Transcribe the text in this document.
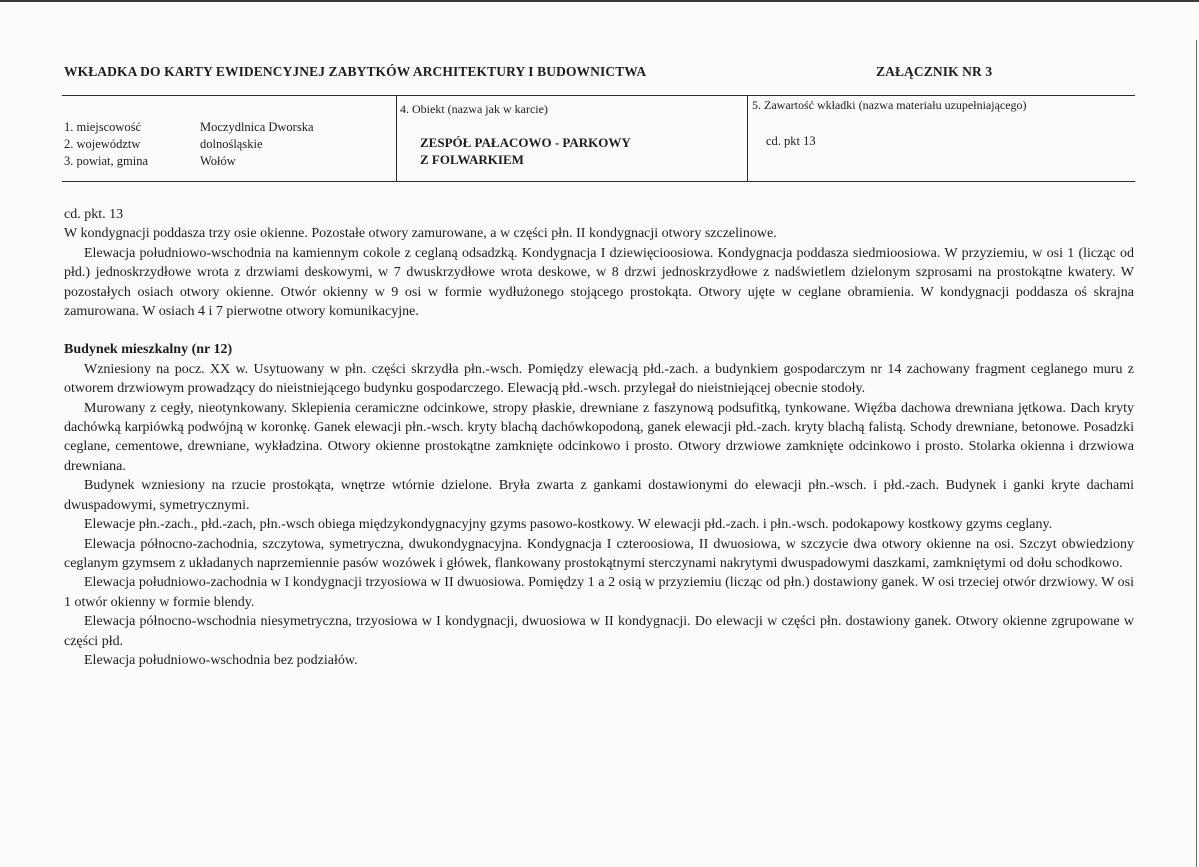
WKŁADKA DO KARTY EWIDENCYJNEJ ZABYTKÓW ARCHITEKTURY I BUDOWNICTWA	ZAŁĄCZNIK NR 3
1. miejscowość
2. województw
3. powiat, gmina
Moczydlnica Dworska
dolnośląskie
Wołów
4. Obiekt (nazwa jak w karcie)
ZESPÓŁ PAŁACOWO - PARKOWY
Z FOLWARKIEM
5. Zawartość wkładki (nazwa materiału uzupełniającego)
cd. pkt 13

cd. pkt. 13

W kondygnacji poddasza trzy osie okienne. Pozostałe otwory zamurowane, a w części płn. II kondygnacji otwory szczelinowe.

Elewacja południowo-wschodnia na kamiennym cokole z ceglaną odsadzką. Kondygnacja I dziewięcioosiowa. Kondygnacja poddasza siedmioosiowa. W przyziemiu, w osi 1 (licząc od płd.) jednoskrzydłowe wrota z drzwiami deskowymi, w 7 dwuskrzydłowe wrota deskowe, w 8 drzwi jednoskrzydłowe z nadświetlem dzielonym szprosami na prostokątne kwatery. W pozostałych osiach otwory okienne. Otwór okienny w 9 osi w formie wydłużonego stojącego prostokąta. Otwory ujęte w ceglane obramienia. W kondygnacji poddasza oś skrajna zamurowana. W osiach 4 i 7 pierwotne otwory komunikacyjne.

Budynek mieszkalny (nr 12)

Wzniesiony na pocz. XX w. Usytuowany w płn. części skrzydła płn.-wsch. Pomiędzy elewacją płd.-zach. a budynkiem gospodarczym nr 14 zachowany fragment ceglanego muru z otworem drzwiowym prowadzący do nieistniejącego budynku gospodarczego. Elewacją płd.-wsch. przylegał do nieistniejącej obecnie stodoły.

Murowany z cegły, nieotynkowany. Sklepienia ceramiczne odcinkowe, stropy płaskie, drewniane z faszynową podsufitką, tynkowane. Więźba dachowa drewniana jętkowa. Dach kryty dachówką karpiówką podwójną w koronkę. Ganek elewacji płn.-wsch. kryty blachą dachówkopodoną, ganek elewacji płd.-zach. kryty blachą falistą. Schody drewniane, betonowe. Posadzki ceglane, cementowe, drewniane, wykładzina. Otwory okienne prostokątne zamknięte odcinkowo i prosto. Otwory drzwiowe zamknięte odcinkowo i prosto. Stolarka okienna i drzwiowa drewniana.

Budynek wzniesiony na rzucie prostokąta, wnętrze wtórnie dzielone. Bryła zwarta z gankami dostawionymi do elewacji płn.-wsch. i płd.-zach. Budynek i ganki kryte dachami dwuspadowymi, symetrycznymi.

Elewacje płn.-zach., płd.-zach, płn.-wsch obiega międzykondygnacyjny gzyms pasowo-kostkowy. W elewacji płd.-zach. i płn.-wsch. podokapowy kostkowy gzyms ceglany.

Elewacja północno-zachodnia, szczytowa, symetryczna, dwukondygnacyjna. Kondygnacja I czteroosiowa, II dwuosiowa, w szczycie dwa otwory okienne na osi. Szczyt obwiedziony ceglanym gzymsem z układanych naprzemiennie pasów wozówek i główek, flankowany prostokątnymi sterczynami nakrytymi dwuspadowymi daszkami, zamkniętymi od dołu schodkowo.

Elewacja południowo-zachodnia w I kondygnacji trzyosiowa w II dwuosiowa. Pomiędzy 1 a 2 osią w przyziemiu (licząc od płn.) dostawiony ganek. W osi trzeciej otwór drzwiowy. W osi 1 otwór okienny w formie blendy.

Elewacja północno-wschodnia niesymetryczna, trzyosiowa w I kondygnacji, dwuosiowa w II kondygnacji. Do elewacji w części płn. dostawiony ganek. Otwory okienne zgrupowane w części płd.

Elewacja południowo-wschodnia bez podziałów.
